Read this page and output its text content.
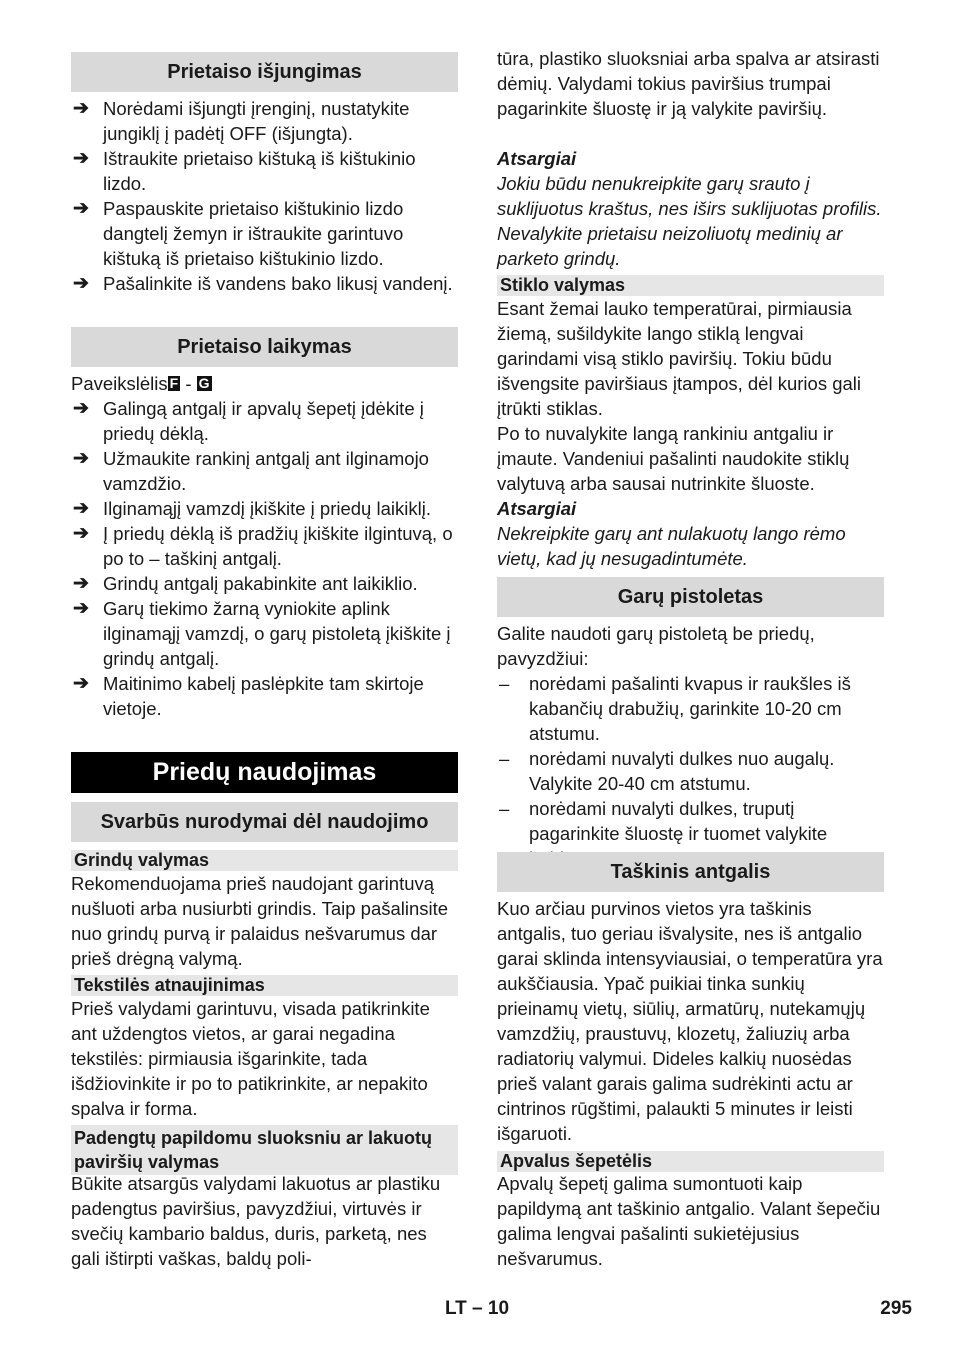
Prietaiso išjungimas
➔ Norėdami išjungti įrenginį, nustatykite jungiklį į padėtį OFF (išjungta).
➔ Ištraukite prietaiso kištuką iš kištukinio lizdo.
➔ Paspauskite prietaiso kištukinio lizdo dangtelį žemyn ir ištraukite garintuvo kištuką iš prietaiso kištukinio lizdo.
➔ Pašalinkite iš vandens bako likusį vandenį.
Prietaiso laikymas

Paveikslėlis F - G

➔ Galingą antgalį ir apvalų šepetį įdėkite į priedų dėklą.
➔ Užmaukite rankinį antgalį ant ilginamojo vamzdžio.
➔ Ilginamąjį vamzdį įkiškite į priedų laikiklį.
➔ Į priedų dėklą iš pradžių įkiškite ilgintuvą, o po to – taškinį antgalį.
➔ Grindų antgalį pakabinkite ant laikiklio.
➔ Garų tiekimo žarną vyniokite aplink ilginamąjį vamzdį, o garų pistoletą įkiškite į grindų antgalį.
➔ Maitinimo kabelį paslėpkite tam skirtoje vietoje.
Priedų naudojimas
Svarbūs nurodymai dėl naudojimo
Grindų valymas

Rekomenduojama prieš naudojant garintuvą nušluoti arba nusiurbti grindis. Taip pašalinsite nuo grindų purvą ir palaidus nešvarumus dar prieš drėgną valymą.

Tekstilės atnaujinimas

Prieš valydami garintuvu, visada patikrinkite ant uždengtos vietos, ar garai negadina tekstilės: pirmiausia išgarinkite, tada išdžiovinkite ir po to patikrinkite, ar nepakito spalva ir forma.

Padengtų papildomu sluoksniu ar lakuotų paviršių valymas

Būkite atsargūs valydami lakuotus ar plastiku padengtus paviršius, pavyzdžiui, virtuvės ir svečių kambario baldus, duris, parketą, nes gali ištirpti vaškas, baldų poli-

tūra, plastiko sluoksniai arba spalva ar atsirasti dėmių. Valydami tokius paviršius trumpai pagarinkite šluostę ir ją valykite paviršių.

Atsargiai

Jokiu būdu nenukreipkite garų srauto į suklijuotus kraštus, nes iširs suklijuotas profilis. Nevalykite prietaisu neizoliuotų medinių ar parketo grindų.

Stiklo valymas

Esant žemai lauko temperatūrai, pirmiausia žiemą, sušildykite lango stiklą lengvai garindami visą stiklo paviršių. Tokiu būdu išvengsite paviršiaus įtampos, dėl kurios gali įtrūkti stiklas.

Po to nuvalykite langą rankiniu antgaliu ir įmaute. Vandeniui pašalinti naudokite stiklų valytuvą arba sausai nutrinkite šluoste.

Atsargiai

Nekreipkite garų ant nulakuotų lango rėmo vietų, kad jų nesugadintumėte.

Garų pistoletas

Galite naudoti garų pistoletą be priedų, pavyzdžiui:

– norėdami pašalinti kvapus ir raukšles iš kabančių drabužių, garinkite 10-20 cm atstumu.
– norėdami nuvalyti dulkes nuo augalų. Valykite 20-40 cm atstumu.
– norėdami nuvalyti dulkes, truputį pagarinkite šluostę ir tuomet valykite
Taškinis antgalis

Kuo arčiau purvinos vietos yra taškinis antgalis, tuo geriau išvalysite, nes iš antgalio garai sklinda intensyviausiai, o temperatūra yra aukščiausia. Ypač puikiai tinka sunkių prieinamų vietų, siūlių, armatūrų, nutekamųjų vamzdžių, praustuvų, klozetų, žaliuzių arba radiatorių valymui. Dideles kalkių nuosėdas prieš valant garais galima sudrėkinti actu ar cintrinos rūgštimi, palaukti 5 minutes ir leisti išgaruoti.

Apvalus šepetėlis

Apvalų šepetį galima sumontuoti kaip papildymą ant taškinio antgalio. Valant šepečiu galima lengvai pašalinti sukietėjusius nešvarumus.

LT – 10	295
